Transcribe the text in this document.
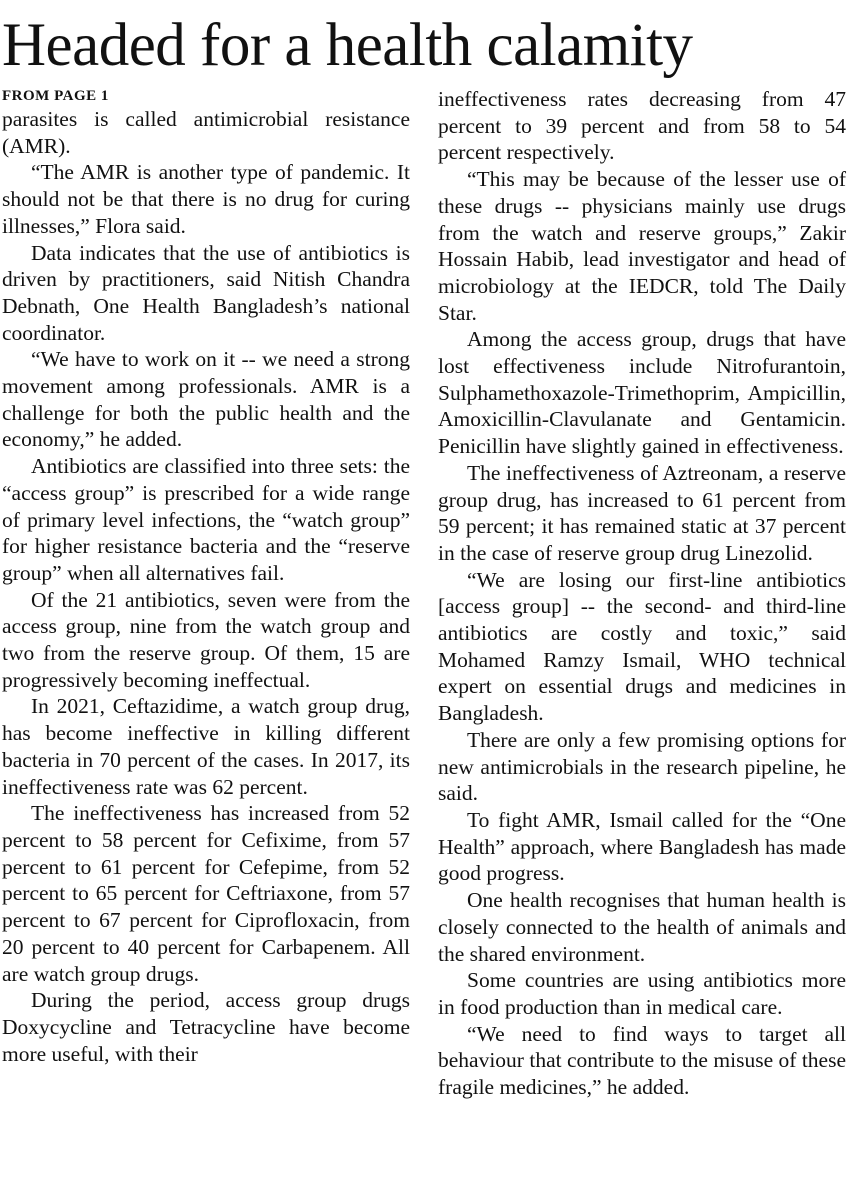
Headed for a health calamity
FROM PAGE 1

parasites is called antimicrobial resistance (AMR).

“The AMR is another type of pandemic. It should not be that there is no drug for curing illnesses,” Flora said.

Data indicates that the use of antibiotics is driven by practitioners, said Nitish Chandra Debnath, One Health Bangladesh’s national coordinator.

“We have to work on it -- we need a strong movement among professionals. AMR is a challenge for both the public health and the economy,” he added.

Antibiotics are classified into three sets: the “access group” is prescribed for a wide range of primary level infections, the “watch group” for higher resistance bacteria and the “reserve group” when all alternatives fail.

Of the 21 antibiotics, seven were from the access group, nine from the watch group and two from the reserve group. Of them, 15 are progressively becoming ineffectual.

In 2021, Ceftazidime, a watch group drug, has become ineffective in killing different bacteria in 70 percent of the cases. In 2017, its ineffectiveness rate was 62 percent.

The ineffectiveness has increased from 52 percent to 58 percent for Cefixime, from 57 percent to 61 percent for Cefepime, from 52 percent to 65 percent for Ceftriaxone, from 57 percent to 67 percent for Ciprofloxacin, from 20 percent to 40 percent for Carbapenem. All are watch group drugs.

During the period, access group drugs Doxycycline and Tetracycline have become more useful, with their

ineffectiveness rates decreasing from 47 percent to 39 percent and from 58 to 54 percent respectively.

“This may be because of the lesser use of these drugs -- physicians mainly use drugs from the watch and reserve groups,” Zakir Hossain Habib, lead investigator and head of microbiology at the IEDCR, told The Daily Star.

Among the access group, drugs that have lost effectiveness include Nitrofurantoin, Sulphamethoxazole-Trimethoprim, Ampicillin, Amoxicillin-Clavulanate and Gentamicin. Penicillin have slightly gained in effectiveness.

The ineffectiveness of Aztreonam, a reserve group drug, has increased to 61 percent from 59 percent; it has remained static at 37 percent in the case of reserve group drug Linezolid.

“We are losing our first-line antibiotics [access group] -- the second- and third-line antibiotics are costly and toxic,” said Mohamed Ramzy Ismail, WHO technical expert on essential drugs and medicines in Bangladesh.

There are only a few promising options for new antimicrobials in the research pipeline, he said.

To fight AMR, Ismail called for the “One Health” approach, where Bangladesh has made good progress.

One health recognises that human health is closely connected to the health of animals and the shared environment.

Some countries are using antibiotics more in food production than in medical care.

“We need to find ways to target all behaviour that contribute to the misuse of these fragile medicines,” he added.
